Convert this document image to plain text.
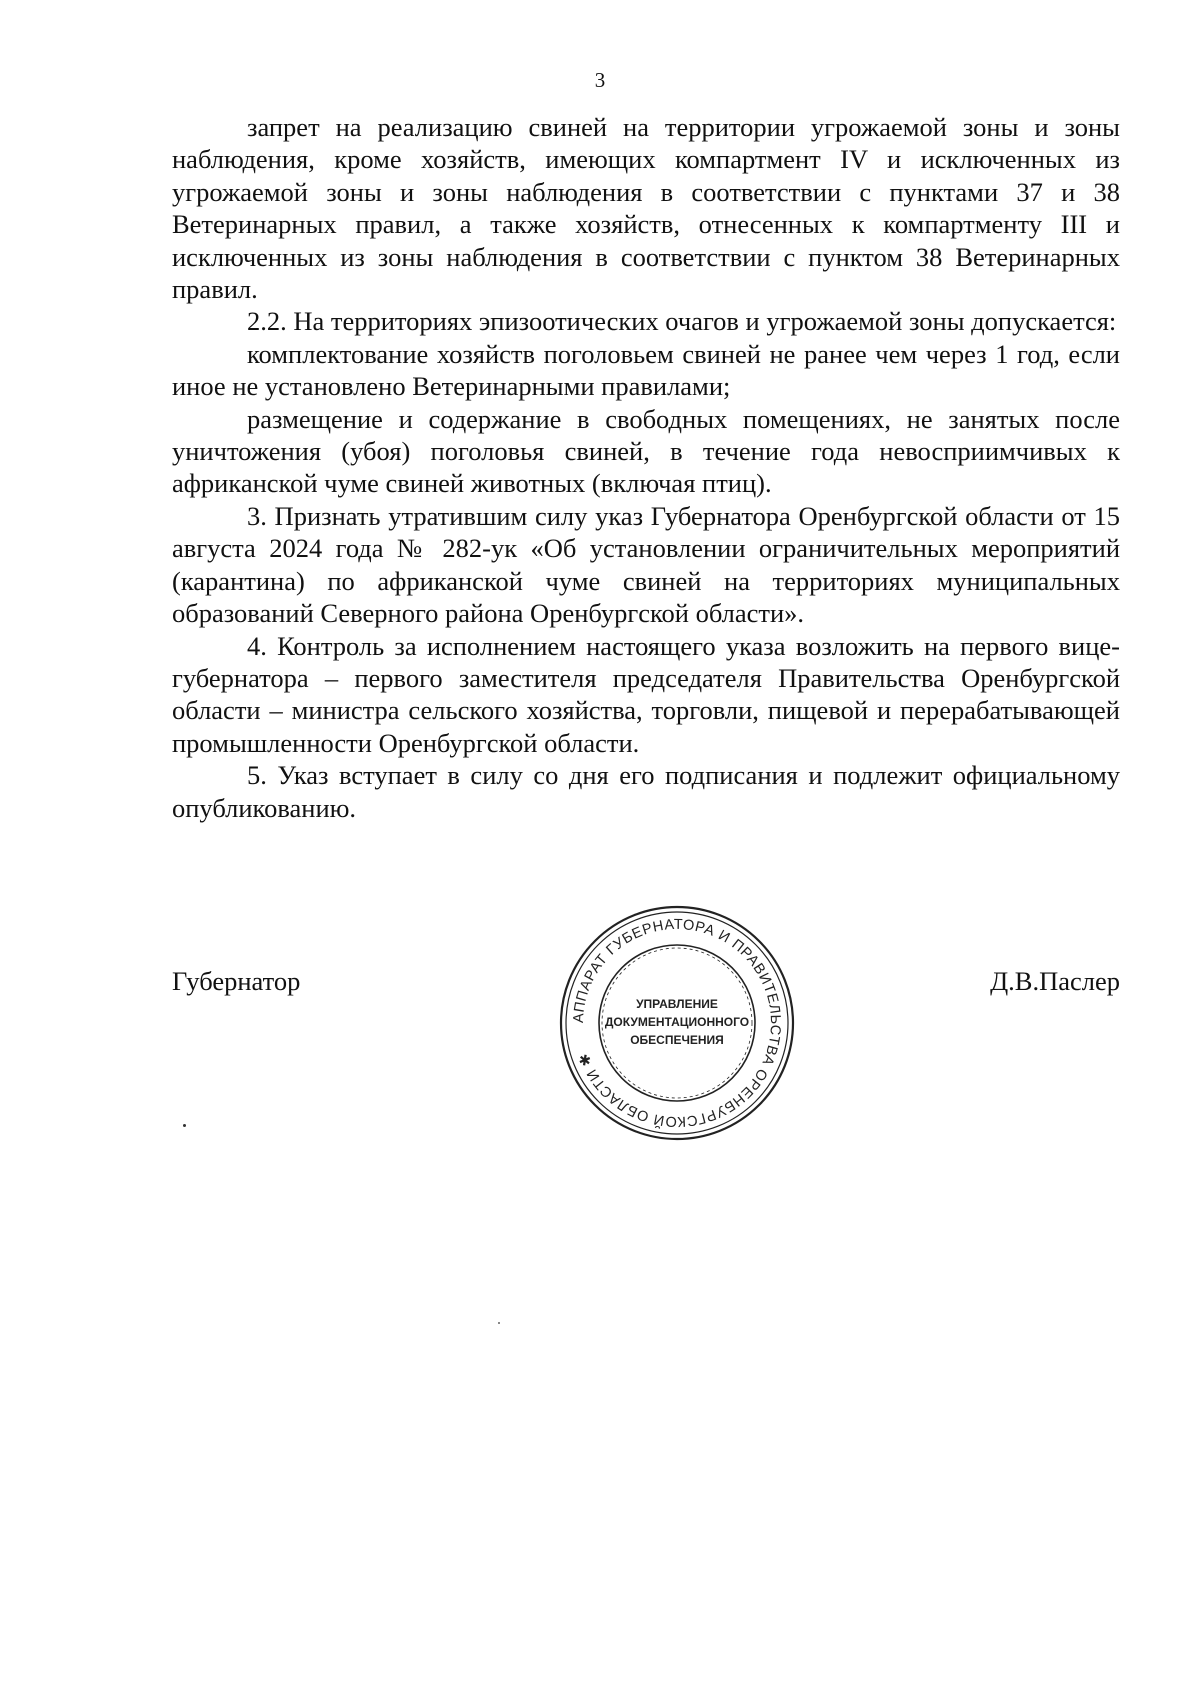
3

запрет на реализацию свиней на территории угрожаемой зоны и зоны наблюдения, кроме хозяйств, имеющих компартмент IV и исключенных из угрожаемой зоны и зоны наблюдения в соответствии с пунктами 37 и 38 Ветеринарных правил, а также хозяйств, отнесенных к компартменту III и исключенных из зоны наблюдения в соответствии с пунктом 38 Ветеринарных правил.

2.2. На территориях эпизоотических очагов и угрожаемой зоны допускается:

комплектование хозяйств поголовьем свиней не ранее чем через 1 год, если иное не установлено Ветеринарными правилами;

размещение и содержание в свободных помещениях, не занятых после уничтожения (убоя) поголовья свиней, в течение года невосприимчивых к африканской чуме свиней животных (включая птиц).

3. Признать утратившим силу указ Губернатора Оренбургской области от 15 августа 2024 года № 282-ук «Об установлении ограничительных мероприятий (карантина) по африканской чуме свиней на территориях муниципальных образований Северного района Оренбургской области».

4. Контроль за исполнением настоящего указа возложить на первого вице-губернатора – первого заместителя председателя Правительства Оренбургской области – министра сельского хозяйства, торговли, пищевой и перерабатывающей промышленности Оренбургской области.

5. Указ вступает в силу со дня его подписания и подлежит официальному опубликованию.

Губернатор	Д.В.Паслер
АППАРАТ ГУБЕРНАТОРА И ПРАВИТЕЛЬСТВА ОРЕНБУРГСКОЙ ОБЛАСТИ ✱
УПРАВЛЕНИЕ
ДОКУМЕНТАЦИОННОГО
ОБЕСПЕЧЕНИЯ
